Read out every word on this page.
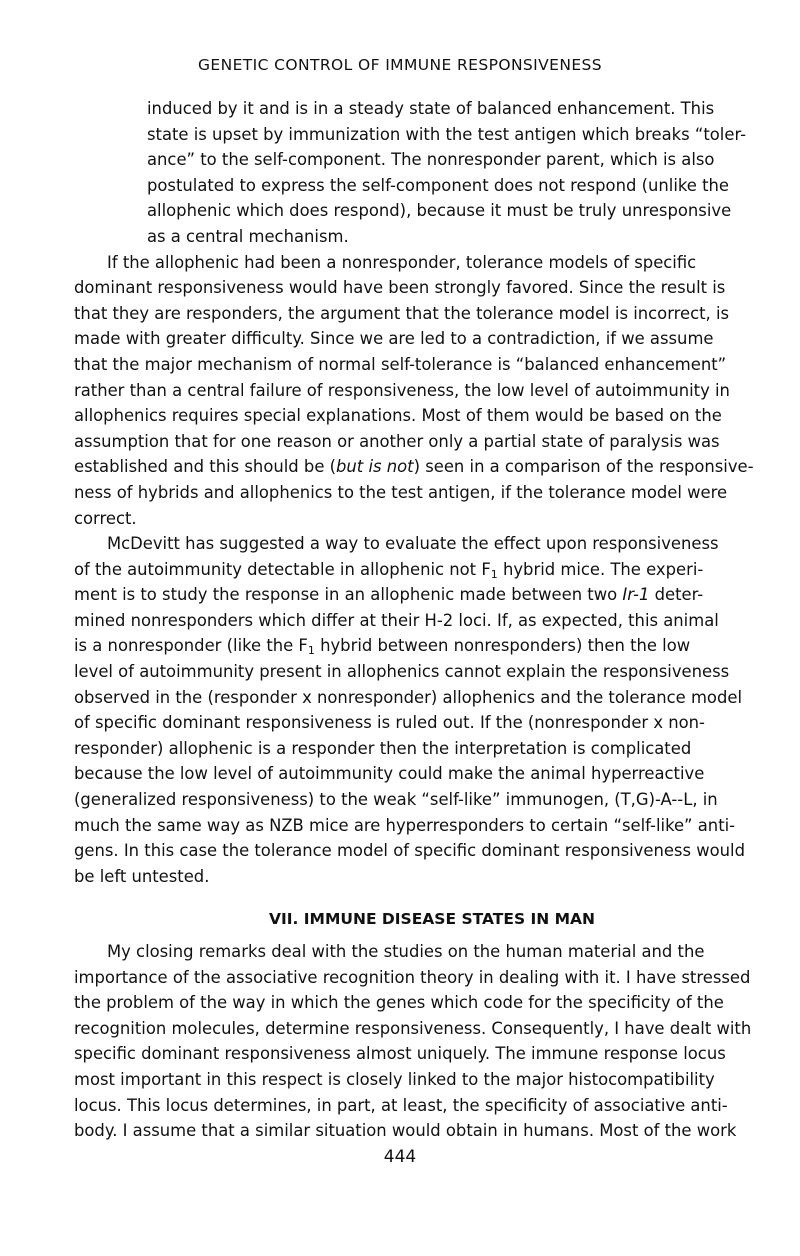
GENETIC CONTROL OF IMMUNE RESPONSIVENESS
induced by it and is in a steady state of balanced enhancement. This
state is upset by immunization with the test antigen which breaks “toler-
ance” to the self-component. The nonresponder parent, which is also
postulated to express the self-component does not respond (unlike the
allophenic which does respond), because it must be truly unresponsive
as a central mechanism.
If the allophenic had been a nonresponder, tolerance models of specific
dominant responsiveness would have been strongly favored. Since the result is
that they are responders, the argument that the tolerance model is incorrect, is
made with greater difficulty. Since we are led to a contradiction, if we assume
that the major mechanism of normal self-tolerance is “balanced enhancement”
rather than a central failure of responsiveness, the low level of autoimmunity in
allophenics requires special explanations. Most of them would be based on the
assumption that for one reason or another only a partial state of paralysis was
established and this should be (but is not) seen in a comparison of the responsive-
ness of hybrids and allophenics to the test antigen, if the tolerance model were
correct.
McDevitt has suggested a way to evaluate the effect upon responsiveness
of the autoimmunity detectable in allophenic not $F_1$ hybrid mice. The experi-
ment is to study the response in an allophenic made between two Ir-1 deter-
mined nonresponders which differ at their H-2 loci. If, as expected, this animal
is a nonresponder (like the $F_1$ hybrid between nonresponders) then the low
level of autoimmunity present in allophenics cannot explain the responsiveness
observed in the (responder x nonresponder) allophenics and the tolerance model
of specific dominant responsiveness is ruled out. If the (nonresponder x non-
responder) allophenic is a responder then the interpretation is complicated
because the low level of autoimmunity could make the animal hyperreactive
(generalized responsiveness) to the weak “self-like” immunogen, (T,G)-A--L, in
much the same way as NZB mice are hyperresponders to certain “self-like” anti-
gens. In this case the tolerance model of specific dominant responsiveness would
be left untested.
VII. IMMUNE DISEASE STATES IN MAN
My closing remarks deal with the studies on the human material and the
importance of the associative recognition theory in dealing with it. I have stressed
the problem of the way in which the genes which code for the specificity of the
recognition molecules, determine responsiveness. Consequently, I have dealt with
specific dominant responsiveness almost uniquely. The immune response locus
most important in this respect is closely linked to the major histocompatibility
locus. This locus determines, in part, at least, the specificity of associative anti-
body. I assume that a similar situation would obtain in humans. Most of the work
444
